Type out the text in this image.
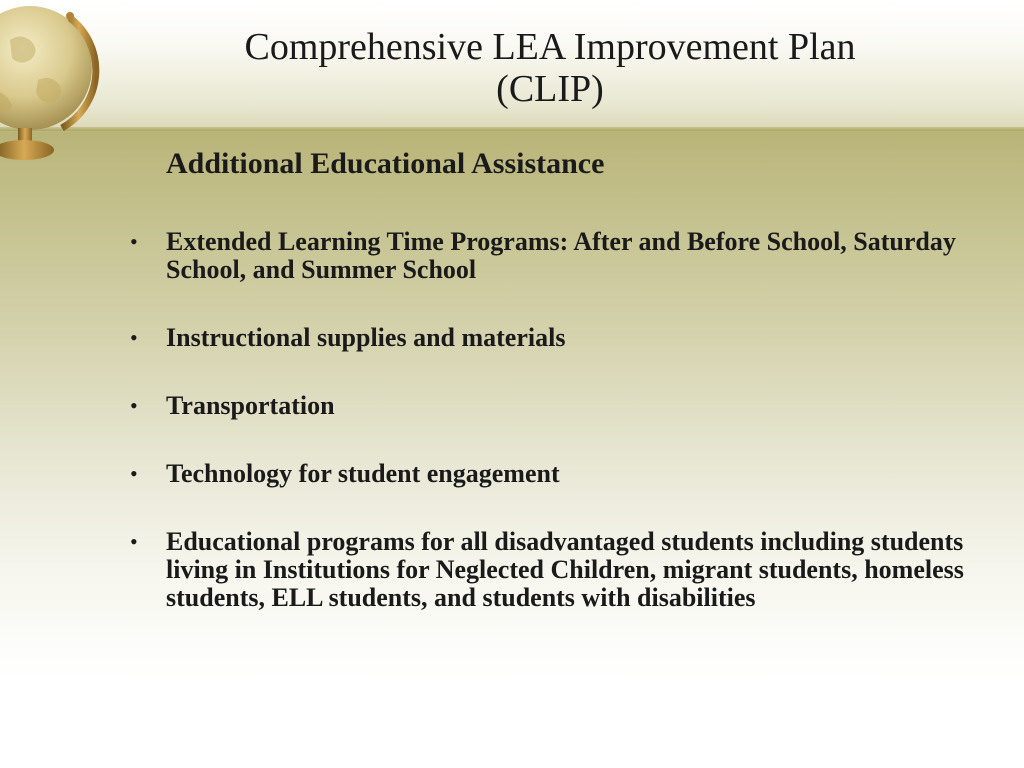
Comprehensive LEA Improvement Plan
(CLIP)
Additional Educational Assistance
•	Extended Learning Time Programs: After and Before School, Saturday School, and Summer School
•	Instructional supplies and materials
•	Transportation
•	Technology for student engagement
•	Educational programs for all disadvantaged students including students living in Institutions for Neglected Children, migrant students, homeless students, ELL students, and students with disabilities
